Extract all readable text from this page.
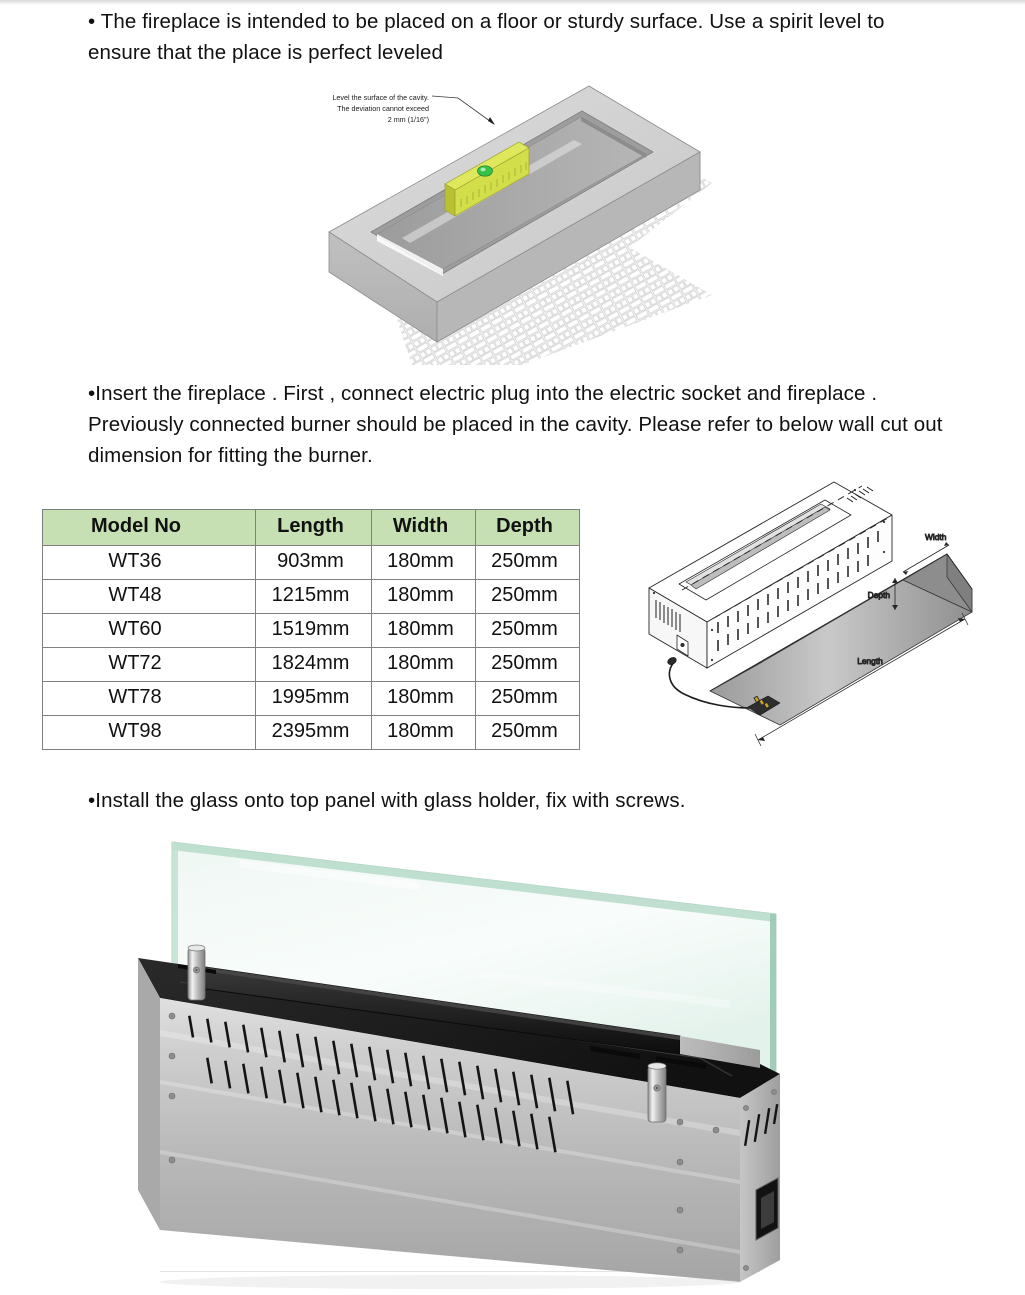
• The fireplace is intended to be placed on a floor or sturdy surface. Use a spirit level to ensure that the place is perfect leveled
Level the surface of the cavity.
The deviation cannot exceed
2 mm (1/16")
•Insert the fireplace . First , connect electric plug into the electric socket and fireplace . Previously connected burner should be placed in the cavity. Please refer to below wall cut out dimension for fitting the burner.
Model No	Length	Width	Depth
WT36	903mm	180mm	250mm
WT48	1215mm	180mm	250mm
WT60	1519mm	180mm	250mm
WT72	1824mm	180mm	250mm
WT78	1995mm	180mm	250mm
WT98	2395mm	180mm	250mm
Width
Depth
Length
•Install the glass onto top panel with glass holder, fix with screws.
